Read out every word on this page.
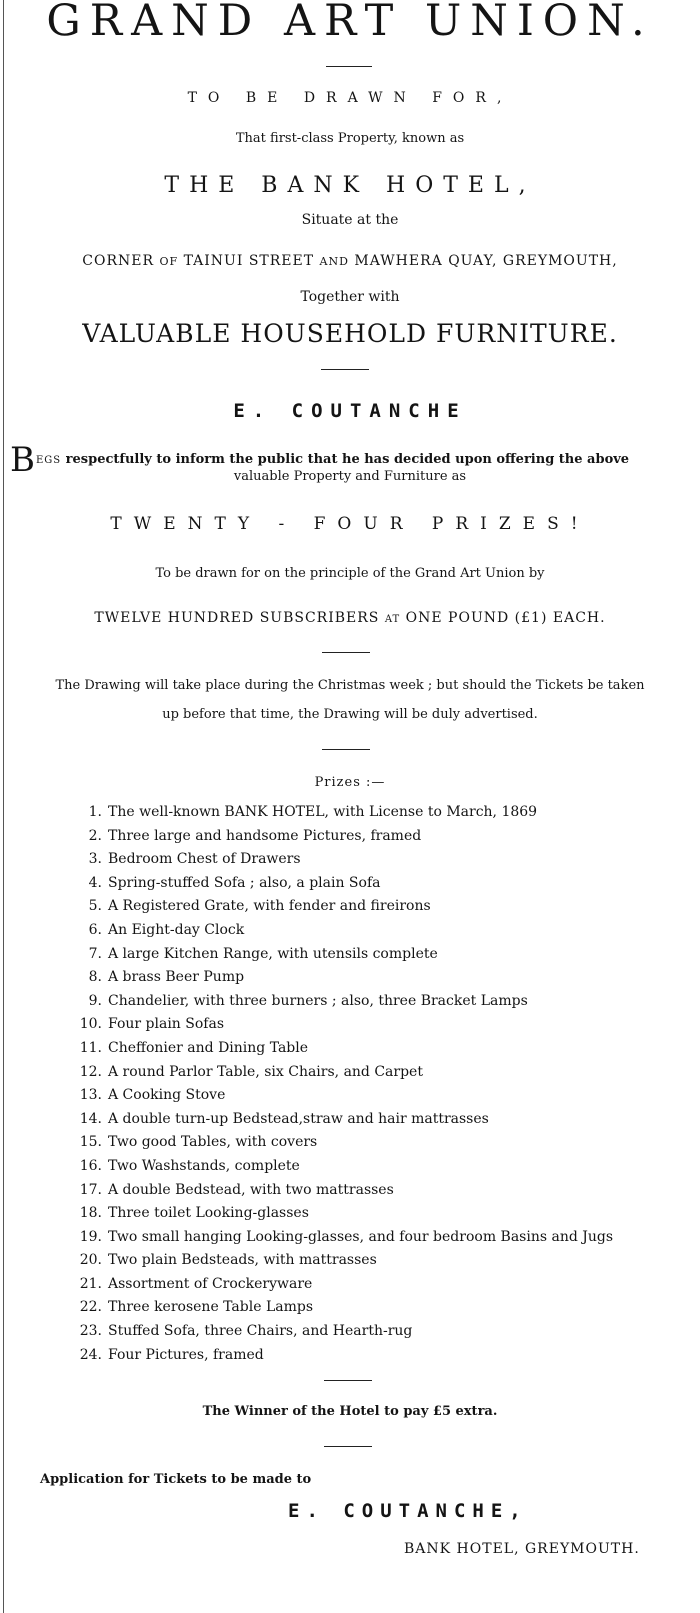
GRAND ART UNION.
TO BE DRAWN FOR,
That first-class Property, known as
THE BANK HOTEL,
Situate at the
CORNER OF TAINUI STREET AND MAWHERA QUAY, GREYMOUTH,
Together with
VALUABLE HOUSEHOLD FURNITURE.
E. COUTANCHE
BEGS respectfully to inform the public that he has decided upon offering the above
valuable Property and Furniture as
TWENTY - FOUR PRIZES!
To be drawn for on the principle of the Grand Art Union by
TWELVE HUNDRED SUBSCRIBERS AT ONE POUND (£1) EACH.
The Drawing will take place during the Christmas week ; but should the Tickets be taken
up before that time, the Drawing will be duly advertised.
Prizes :—
1. The well-known BANK HOTEL, with License to March, 1869
2. Three large and handsome Pictures, framed
3. Bedroom Chest of Drawers
4. Spring-stuffed Sofa ; also, a plain Sofa
5. A Registered Grate, with fender and fireirons
6. An Eight-day Clock
7. A large Kitchen Range, with utensils complete
8. A brass Beer Pump
9. Chandelier, with three burners ; also, three Bracket Lamps
10. Four plain Sofas
11. Cheffonier and Dining Table
12. A round Parlor Table, six Chairs, and Carpet
13. A Cooking Stove
14. A double turn-up Bedstead,straw and hair mattrasses
15. Two good Tables, with covers
16. Two Washstands, complete
17. A double Bedstead, with two mattrasses
18. Three toilet Looking-glasses
19. Two small hanging Looking-glasses, and four bedroom Basins and Jugs
20. Two plain Bedsteads, with mattrasses
21. Assortment of Crockeryware
22. Three kerosene Table Lamps
23. Stuffed Sofa, three Chairs, and Hearth-rug
24. Four Pictures, framed
The Winner of the Hotel to pay £5 extra.
Application for Tickets to be made to
E. COUTANCHE,
BANK HOTEL, GREYMOUTH.
